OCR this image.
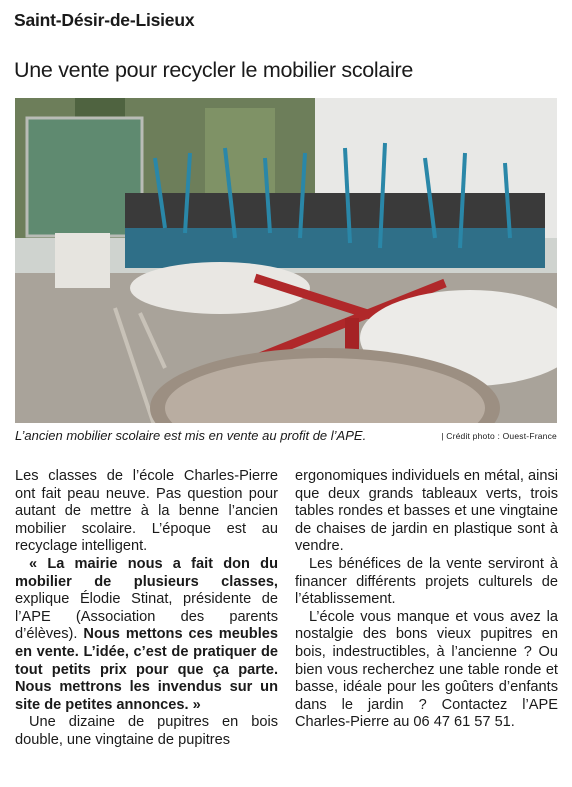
Saint-Désir-de-Lisieux
Une vente pour recycler le mobilier scolaire
L’ancien mobilier scolaire est mis en vente au profit de l’APE.	| Crédit photo : Ouest-France

Les classes de l’école Charles-Pierre ont fait peau neuve. Pas question pour autant de mettre à la benne l’ancien mobilier scolaire. L’époque est au recyclage intelligent.

« La mairie nous a fait don du mobilier de plusieurs classes, explique Élodie Stinat, présidente de l’APE (Association des parents d’élèves). Nous mettons ces meubles en vente. L’idée, c’est de pratiquer de tout petits prix pour que ça parte. Nous mettrons les invendus sur un site de petites annonces. »

Une dizaine de pupitres en bois double, une vingtaine de pupitres

ergonomiques individuels en métal, ainsi que deux grands tableaux verts, trois tables rondes et basses et une vingtaine de chaises de jardin en plastique sont à vendre.

Les bénéfices de la vente serviront à financer différents projets culturels de l’établissement.

L’école vous manque et vous avez la nostalgie des bons vieux pupitres en bois, indestructibles, à l’ancienne ? Ou bien vous recherchez une table ronde et basse, idéale pour les goûters d’enfants dans le jardin ? Contactez l’APE Charles-Pierre au 06 47 61 57 51.
